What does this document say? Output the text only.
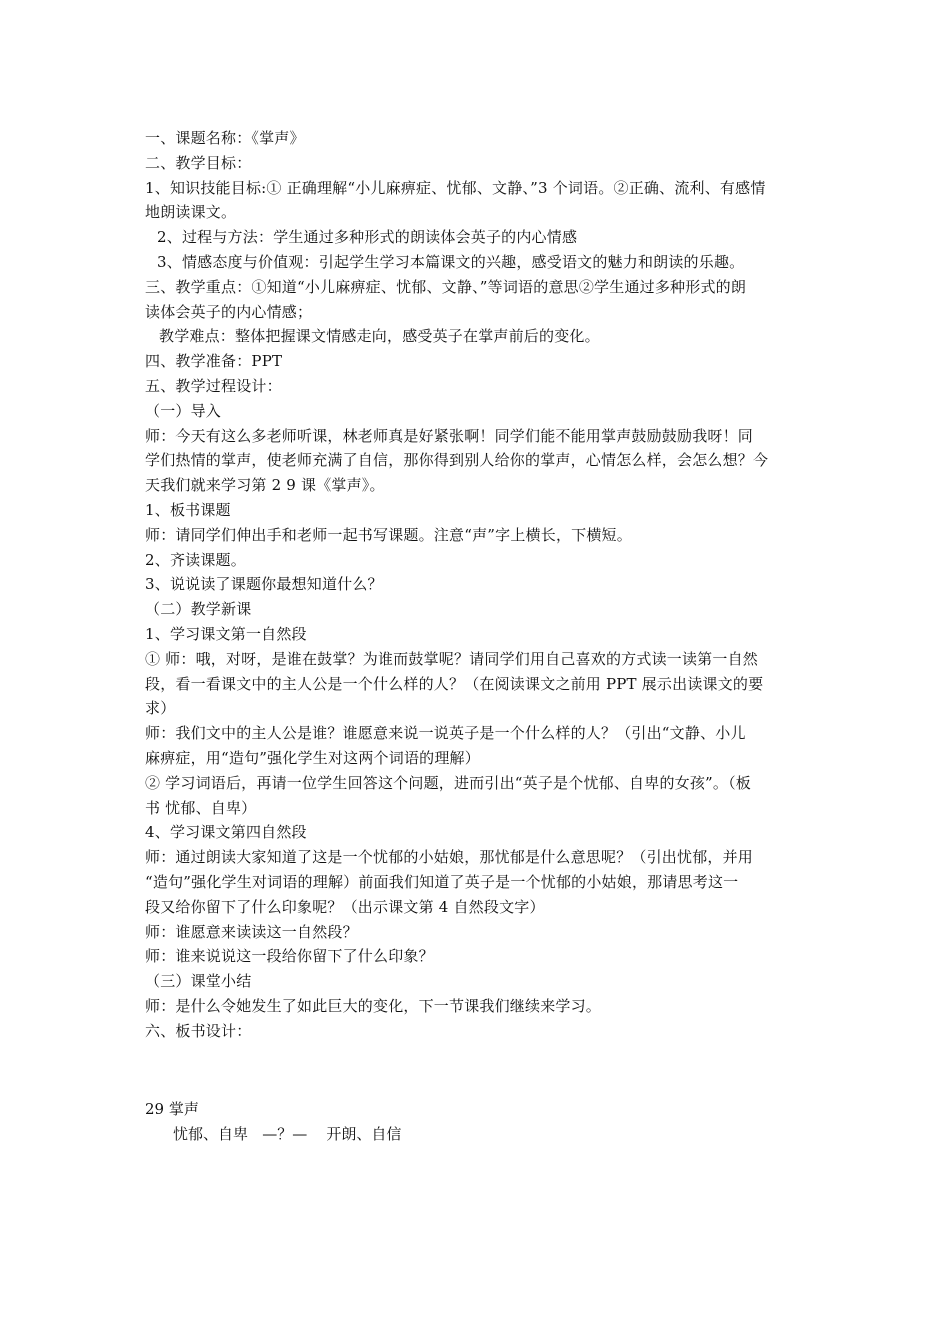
一、课题名称：《掌声》
二、教学目标：
1、知识技能目标:① 正确理解“小儿麻痹症、忧郁、文静、”3 个词语。②正确、流利、有感情
地朗读课文。
2、过程与方法：学生通过多种形式的朗读体会英子的内心情感
3、情感态度与价值观：引起学生学习本篇课文的兴趣，感受语文的魅力和朗读的乐趣。
三、教学重点：①知道“小儿麻痹症、忧郁、文静、”等词语的意思②学生通过多种形式的朗
读体会英子的内心情感；
教学难点：整体把握课文情感走向，感受英子在掌声前后的变化。
四、教学准备：PPT
五、教学过程设计：
（一）导入
师：今天有这么多老师听课，林老师真是好紧张啊！同学们能不能用掌声鼓励鼓励我呀！同
学们热情的掌声，使老师充满了自信，那你得到别人给你的掌声，心情怎么样，会怎么想？今
天我们就来学习第 2 9 课《掌声》。
1、板书课题
师：请同学们伸出手和老师一起书写课题。注意“声”字上横长，下横短。
2、齐读课题。
3、说说读了课题你最想知道什么？
（二）教学新课
1、学习课文第一自然段
① 师：哦，对呀，是谁在鼓掌？为谁而鼓掌呢？请同学们用自己喜欢的方式读一读第一自然
段，看一看课文中的主人公是一个什么样的人？（在阅读课文之前用 PPT 展示出读课文的要
求）
师：我们文中的主人公是谁？谁愿意来说一说英子是一个什么样的人？（引出“文静、小儿
麻痹症，用“造句”强化学生对这两个词语的理解）
② 学习词语后，再请一位学生回答这个问题，进而引出“英子是个忧郁、自卑的女孩”。（板
书 忧郁、自卑）
4、学习课文第四自然段
师：通过朗读大家知道了这是一个忧郁的小姑娘，那忧郁是什么意思呢？（引出忧郁，并用
“造句”强化学生对词语的理解）前面我们知道了英子是一个忧郁的小姑娘，那请思考这一
段又给你留下了什么印象呢？（出示课文第 4 自然段文字）
师：谁愿意来读读这一自然段？
师：谁来说说这一段给你留下了什么印象？
（三）课堂小结
师：是什么令她发生了如此巨大的变化，下一节课我们继续来学习。
六、板书设计：
29 掌声
忧郁、自卑   —？—    开朗、自信
